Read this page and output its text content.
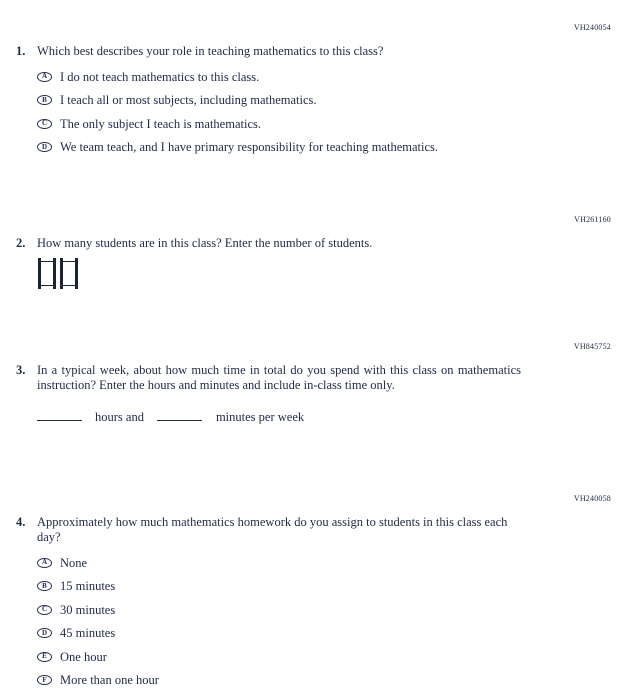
VH240054
1. Which best describes your role in teaching mathematics to this class?
A I do not teach mathematics to this class.
B I teach all or most subjects, including mathematics.
C The only subject I teach is mathematics.
D We team teach, and I have primary responsibility for teaching mathematics.
VH261160
2. How many students are in this class? Enter the number of students.
VH845752
3. In a typical week, about how much time in total do you spend with this class on mathematics instruction? Enter the hours and minutes and include in-class time only.
hours and	minutes per week
VH240058
4. Approximately how much mathematics homework do you assign to students in this class each day?
A None
B 15 minutes
C 30 minutes
D 45 minutes
E One hour
F More than one hour
